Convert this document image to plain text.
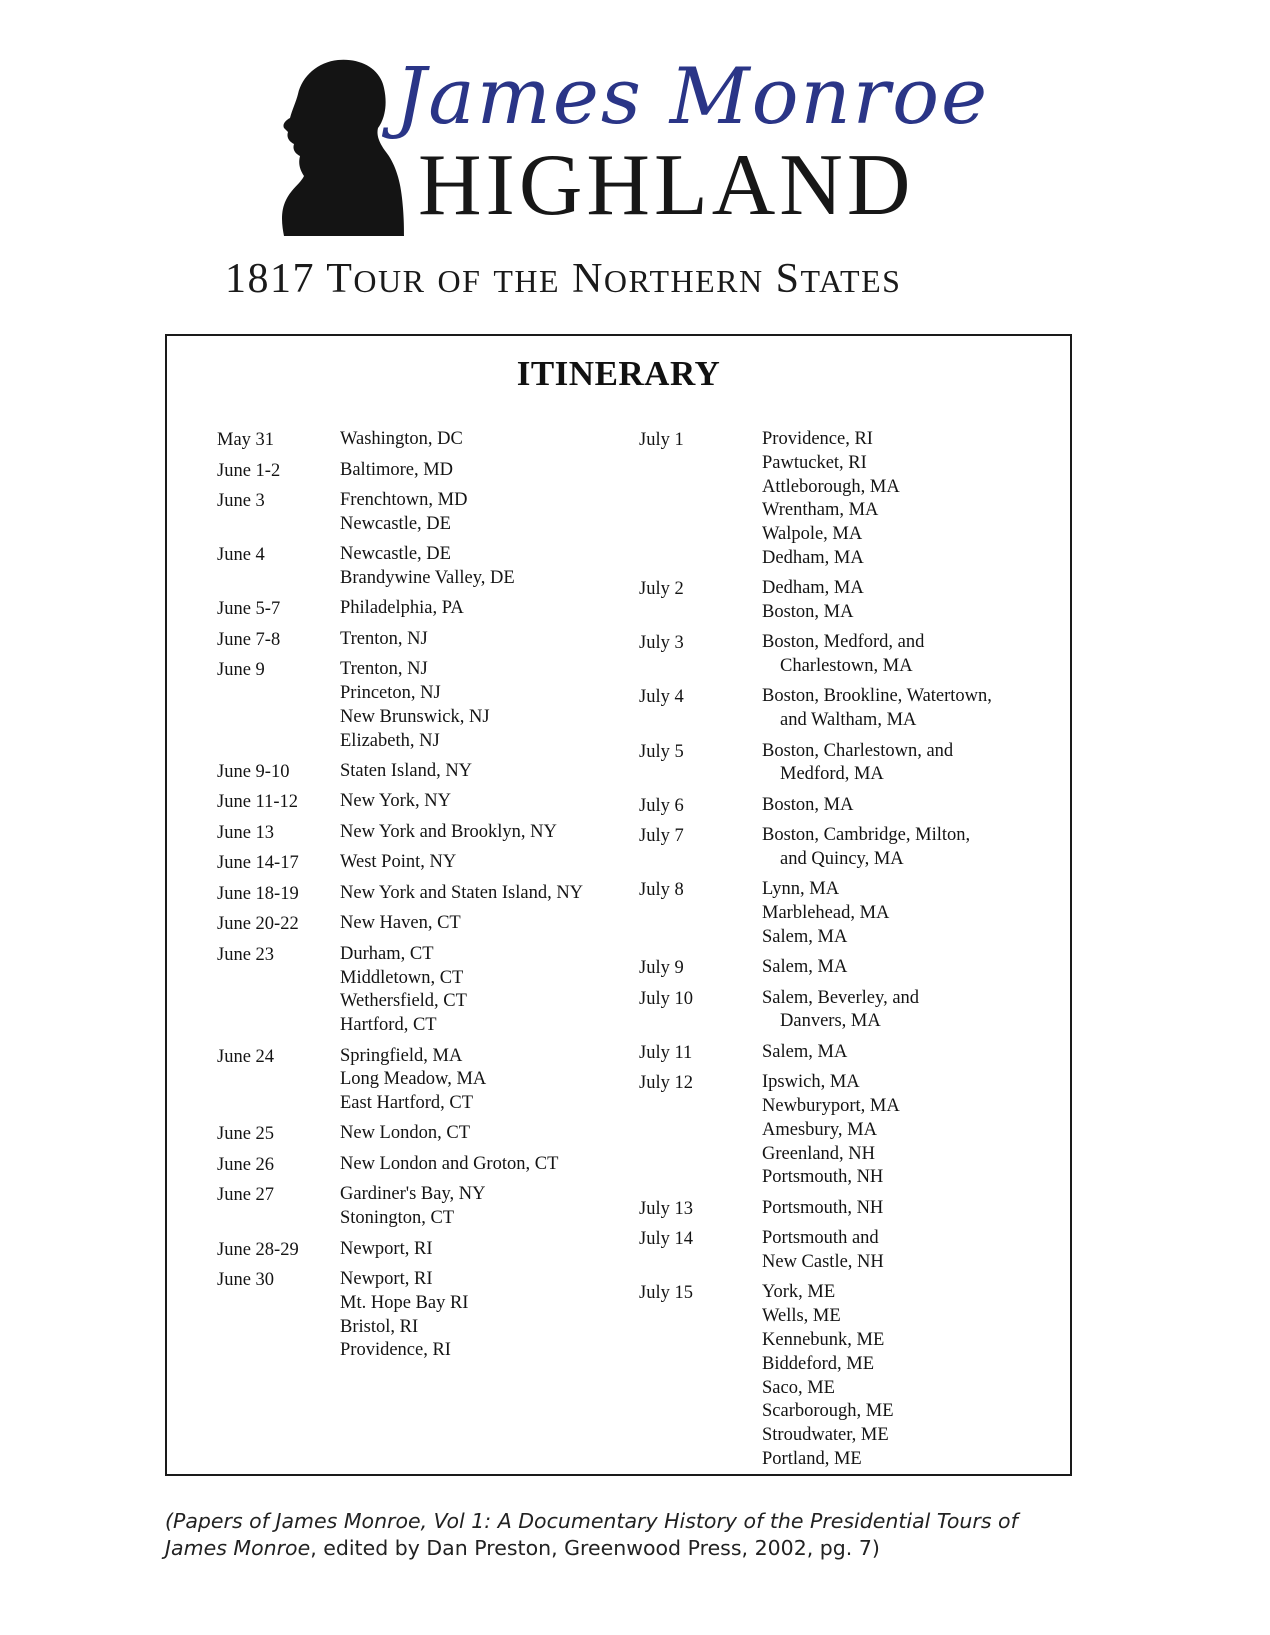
James Monroe
HIGHLAND
1817 TOUR OF THE NORTHERN STATES
ITINERARY
May 31	Washington, DC
June 1-2	Baltimore, MD
June 3	Frenchtown, MD
Newcastle, DE
June 4	Newcastle, DE
Brandywine Valley, DE
June 5-7	Philadelphia, PA
June 7-8	Trenton, NJ
June 9	Trenton, NJ
Princeton, NJ
New Brunswick, NJ
Elizabeth, NJ
June 9-10	Staten Island, NY
June 11-12	New York, NY
June 13	New York and Brooklyn, NY
June 14-17	West Point, NY
June 18-19	New York and Staten Island, NY
June 20-22	New Haven, CT
June 23	Durham, CT
Middletown, CT
Wethersfield, CT
Hartford, CT
June 24	Springfield, MA
Long Meadow, MA
East Hartford, CT
June 25	New London, CT
June 26	New London and Groton, CT
June 27	Gardiner's Bay, NY
Stonington, CT
June 28-29	Newport, RI
June 30	Newport, RI
Mt. Hope Bay RI
Bristol, RI
Providence, RI
July 1	Providence, RI
Pawtucket, RI
Attleborough, MA
Wrentham, MA
Walpole, MA
Dedham, MA
July 2	Dedham, MA
Boston, MA
July 3	Boston, Medford, and
Charlestown, MA
July 4	Boston, Brookline, Watertown,
and Waltham, MA
July 5	Boston, Charlestown, and
Medford, MA
July 6	Boston, MA
July 7	Boston, Cambridge, Milton,
and Quincy, MA
July 8	Lynn, MA
Marblehead, MA
Salem, MA
July 9	Salem, MA
July 10	Salem, Beverley, and
Danvers, MA
July 11	Salem, MA
July 12	Ipswich, MA
Newburyport, MA
Amesbury, MA
Greenland, NH
Portsmouth, NH
July 13	Portsmouth, NH
July 14	Portsmouth and
New Castle, NH
July 15	York, ME
Wells, ME
Kennebunk, ME
Biddeford, ME
Saco, ME
Scarborough, ME
Stroudwater, ME
Portland, ME
(Papers of James Monroe, Vol 1: A Documentary History of the Presidential Tours of James Monroe, edited by Dan Preston, Greenwood Press, 2002, pg. 7)
